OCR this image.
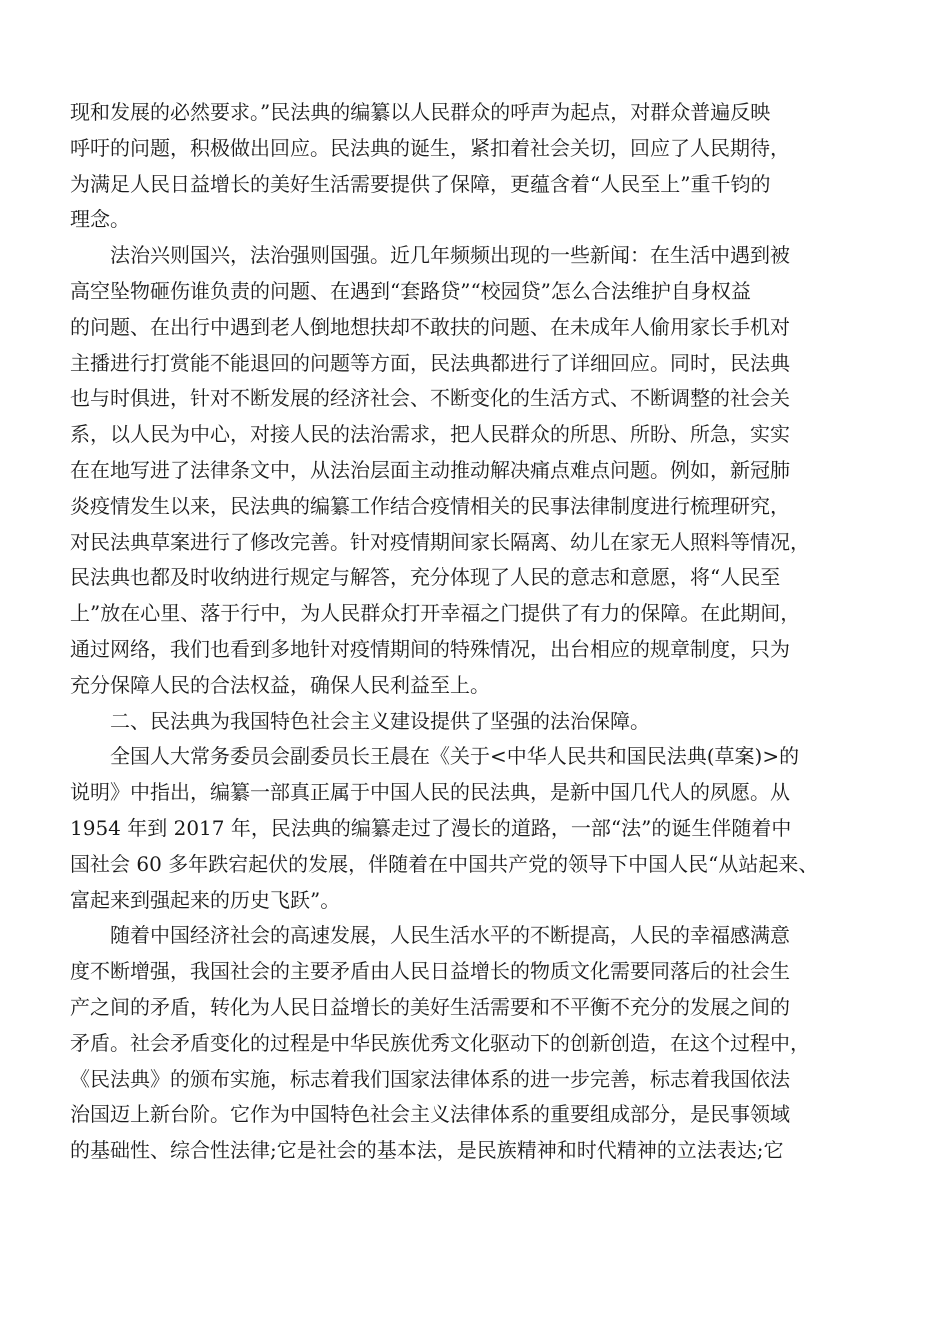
现和发展的必然要求。”民法典的编纂以人民群众的呼声为起点，对群众普遍反映
呼吁的问题，积极做出回应。民法典的诞生，紧扣着社会关切，回应了人民期待，
为满足人民日益增长的美好生活需要提供了保障，更蕴含着“人民至上”重千钧的
理念。
法治兴则国兴，法治强则国强。近几年频频出现的一些新闻：在生活中遇到被
高空坠物砸伤谁负责的问题、在遇到“套路贷”“校园贷”怎么合法维护自身权益
的问题、在出行中遇到老人倒地想扶却不敢扶的问题、在未成年人偷用家长手机对
主播进行打赏能不能退回的问题等方面，民法典都进行了详细回应。同时，民法典
也与时俱进，针对不断发展的经济社会、不断变化的生活方式、不断调整的社会关
系，以人民为中心，对接人民的法治需求，把人民群众的所思、所盼、所急，实实
在在地写进了法律条文中，从法治层面主动推动解决痛点难点问题。例如，新冠肺
炎疫情发生以来，民法典的编纂工作结合疫情相关的民事法律制度进行梳理研究，
对民法典草案进行了修改完善。针对疫情期间家长隔离、幼儿在家无人照料等情况，
民法典也都及时收纳进行规定与解答，充分体现了人民的意志和意愿，将“人民至
上”放在心里、落于行中，为人民群众打开幸福之门提供了有力的保障。在此期间，
通过网络，我们也看到多地针对疫情期间的特殊情况，出台相应的规章制度，只为
充分保障人民的合法权益，确保人民利益至上。
二、民法典为我国特色社会主义建设提供了坚强的法治保障。
全国人大常务委员会副委员长王晨在《关于<中华人民共和国民法典(草案)>的
说明》中指出，编纂一部真正属于中国人民的民法典，是新中国几代人的夙愿。从
1954 年到 2017 年，民法典的编纂走过了漫长的道路，一部“法”的诞生伴随着中
国社会 60 多年跌宕起伏的发展，伴随着在中国共产党的领导下中国人民“从站起来、
富起来到强起来的历史飞跃”。
随着中国经济社会的高速发展，人民生活水平的不断提高，人民的幸福感满意
度不断增强，我国社会的主要矛盾由人民日益增长的物质文化需要同落后的社会生
产之间的矛盾，转化为人民日益增长的美好生活需要和不平衡不充分的发展之间的
矛盾。社会矛盾变化的过程是中华民族优秀文化驱动下的创新创造，在这个过程中，
《民法典》的颁布实施，标志着我们国家法律体系的进一步完善，标志着我国依法
治国迈上新台阶。它作为中国特色社会主义法律体系的重要组成部分，是民事领域
的基础性、综合性法律;它是社会的基本法，是民族精神和时代精神的立法表达;它
